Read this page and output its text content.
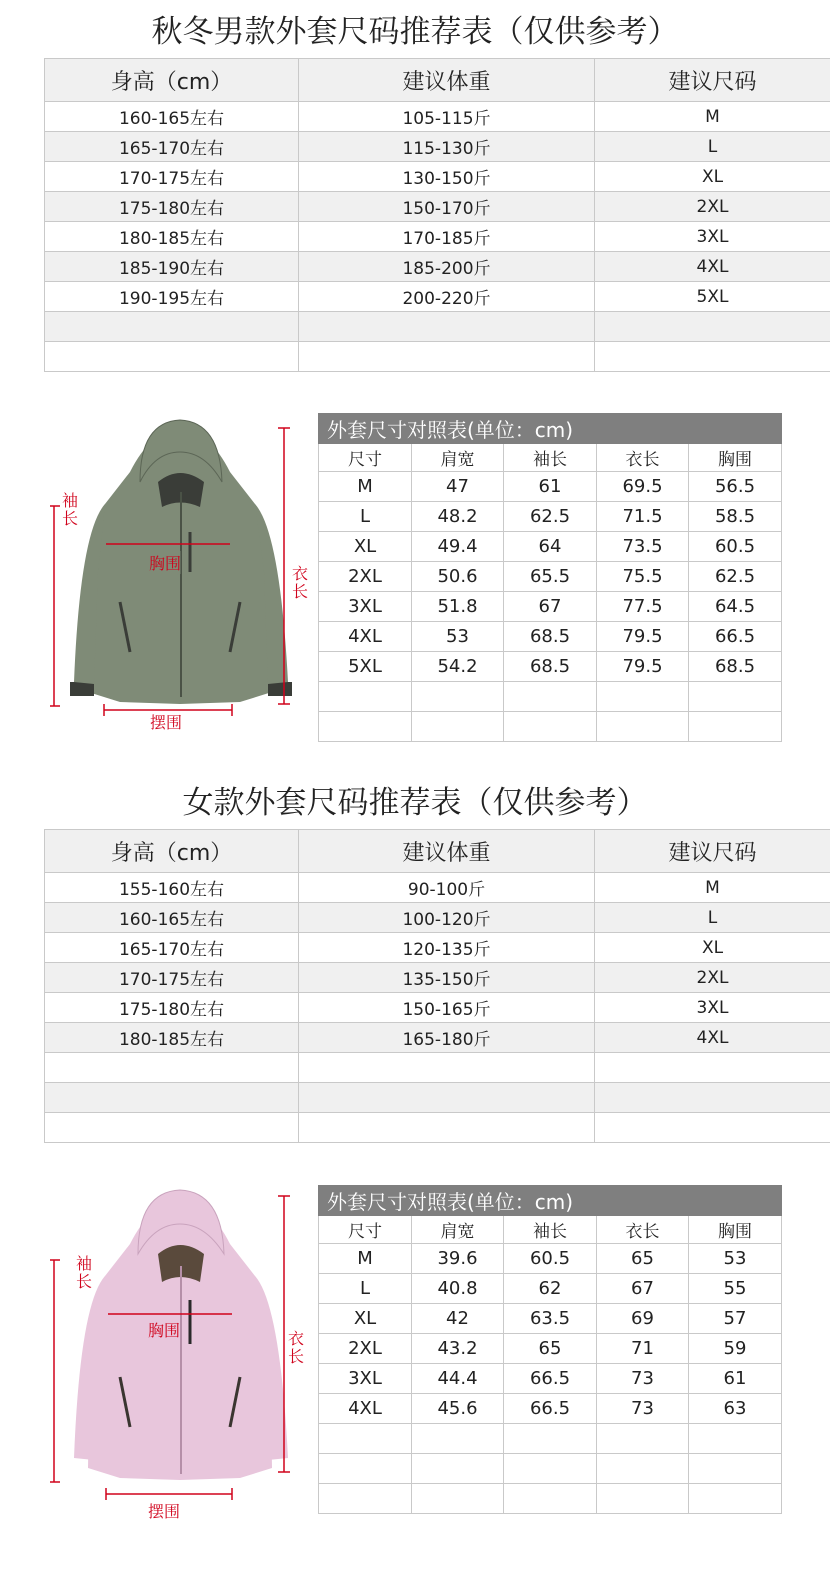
秋冬男款外套尺码推荐表（仅供参考）
身高（cm）	建议体重	建议尺码
160-165左右	105-115斤	M
165-170左右	115-130斤	L
170-175左右	130-150斤	XL
175-180左右	150-170斤	2XL
180-185左右	170-185斤	3XL
185-190左右	185-200斤	4XL
190-195左右	200-220斤	5XL

袖长
胸围
衣长
摆围
外套尺寸对照表(单位：cm)				
尺寸	肩宽	袖长	衣长	胸围
M	47	61	69.5	56.5
L	48.2	62.5	71.5	58.5
XL	49.4	64	73.5	60.5
2XL	50.6	65.5	75.5	62.5
3XL	51.8	67	77.5	64.5
4XL	53	68.5	79.5	66.5
5XL	54.2	68.5	79.5	68.5

女款外套尺码推荐表（仅供参考）
身高（cm）	建议体重	建议尺码
155-160左右	90-100斤	M
160-165左右	100-120斤	L
165-170左右	120-135斤	XL
170-175左右	135-150斤	2XL
175-180左右	150-165斤	3XL
180-185左右	165-180斤	4XL

袖长
胸围	衣长
摆围
外套尺寸对照表(单位：cm)				
尺寸	肩宽	袖长	衣长	胸围
M	39.6	60.5	65	53
L	40.8	62	67	55
XL	42	63.5	69	57
2XL	43.2	65	71	59
3XL	44.4	66.5	73	61
4XL	45.6	66.5	73	63
